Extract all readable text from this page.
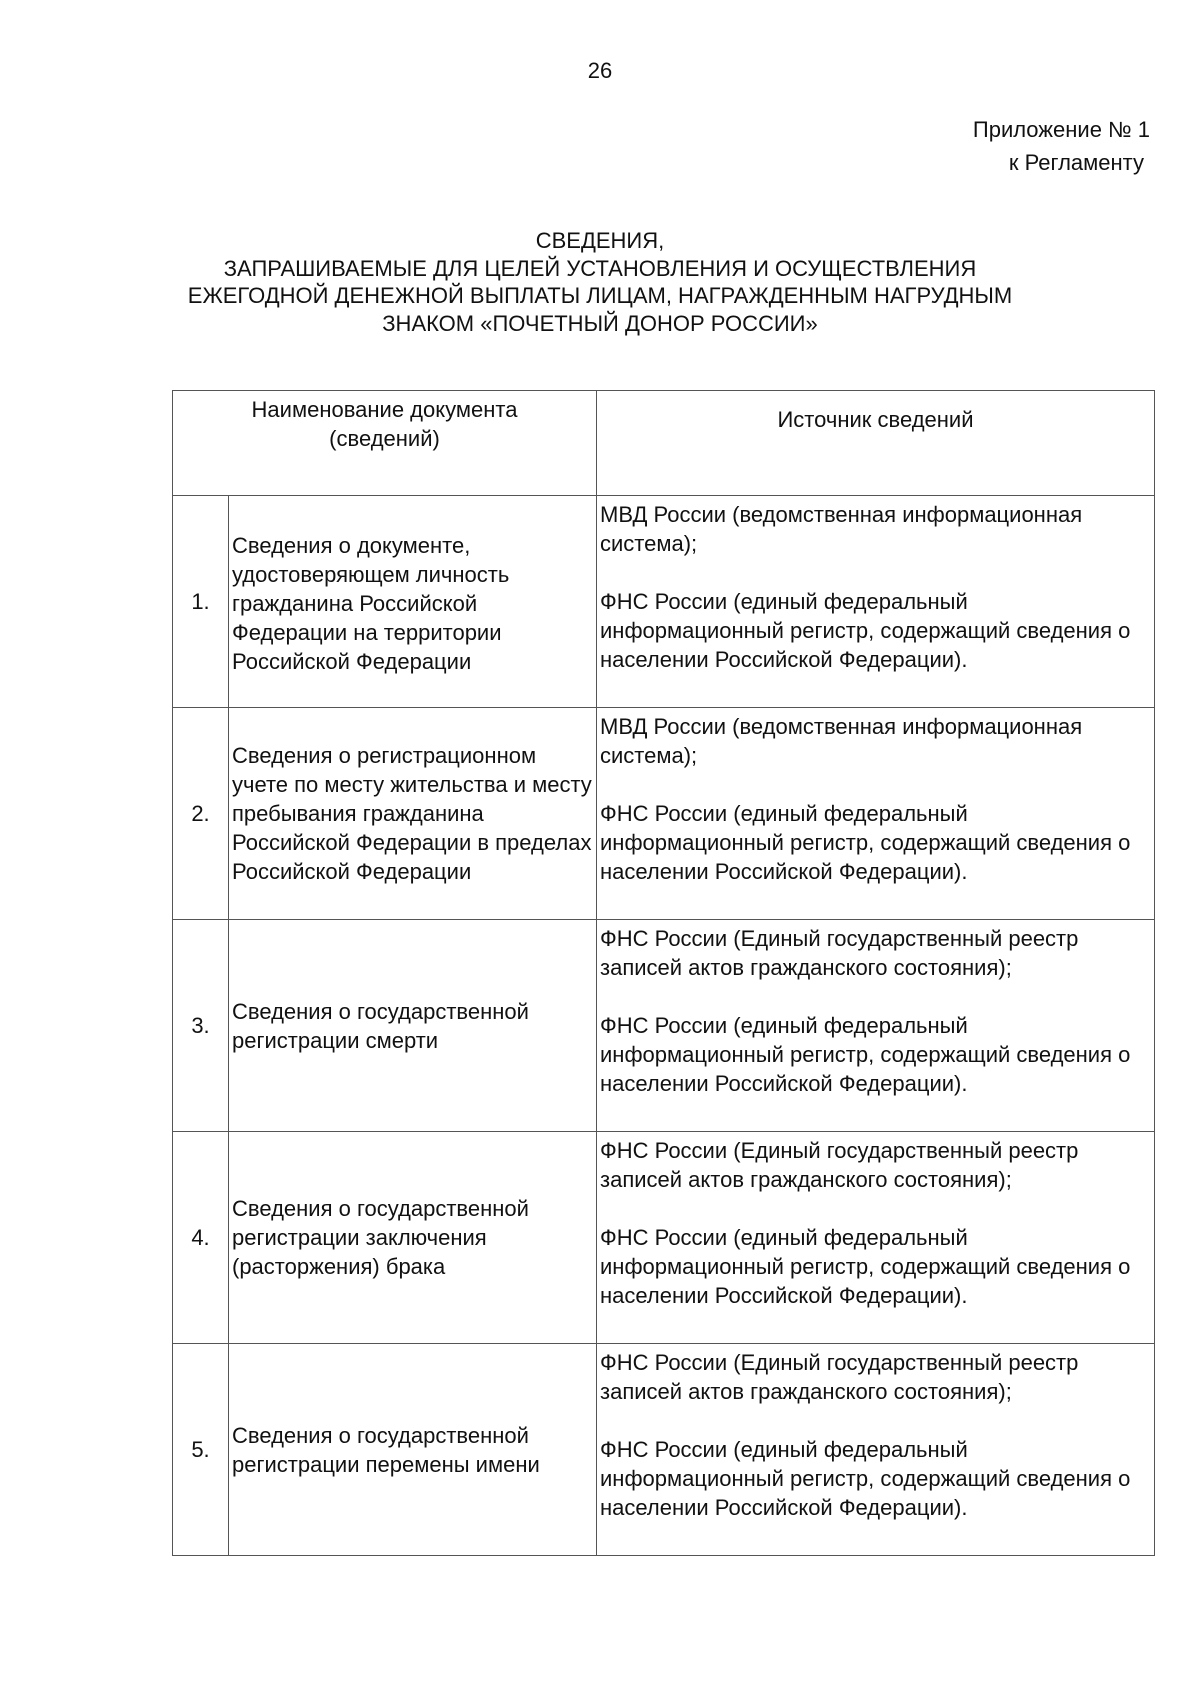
26
Приложение № 1
к Регламенту
СВЕДЕНИЯ,
ЗАПРАШИВАЕМЫЕ ДЛЯ ЦЕЛЕЙ УСТАНОВЛЕНИЯ И ОСУЩЕСТВЛЕНИЯ
ЕЖЕГОДНОЙ ДЕНЕЖНОЙ ВЫПЛАТЫ ЛИЦАМ, НАГРАЖДЕННЫМ НАГРУДНЫМ
ЗНАКОМ «ПОЧЕТНЫЙ ДОНОР РОССИИ»
Наименование документа (сведений)		Источник сведений
1.	Сведения о документе, удостоверяющем личность гражданина Российской Федерации на территории Российской Федерации	МВД России (ведомственная информационная система);

ФНС России (единый федеральный информационный регистр, содержащий сведения о населении Российской Федерации).

2.	Сведения о регистрационном учете по месту жительства и месту пребывания гражданина Российской Федерации в пределах Российской Федерации	МВД России (ведомственная информационная система);

ФНС России (единый федеральный информационный регистр, содержащий сведения о населении Российской Федерации).

3.	Сведения о государственной регистрации смерти	ФНС России (Единый государственный реестр записей актов гражданского состояния);

ФНС России (единый федеральный информационный регистр, содержащий сведения о населении Российской Федерации).

4.	Сведения о государственной регистрации заключения (расторжения) брака	ФНС России (Единый государственный реестр записей актов гражданского состояния);

ФНС России (единый федеральный информационный регистр, содержащий сведения о населении Российской Федерации).

5.	Сведения о государственной регистрации перемены имени	ФНС России (Единый государственный реестр записей актов гражданского состояния);

ФНС России (единый федеральный информационный регистр, содержащий сведения о населении Российской Федерации).
